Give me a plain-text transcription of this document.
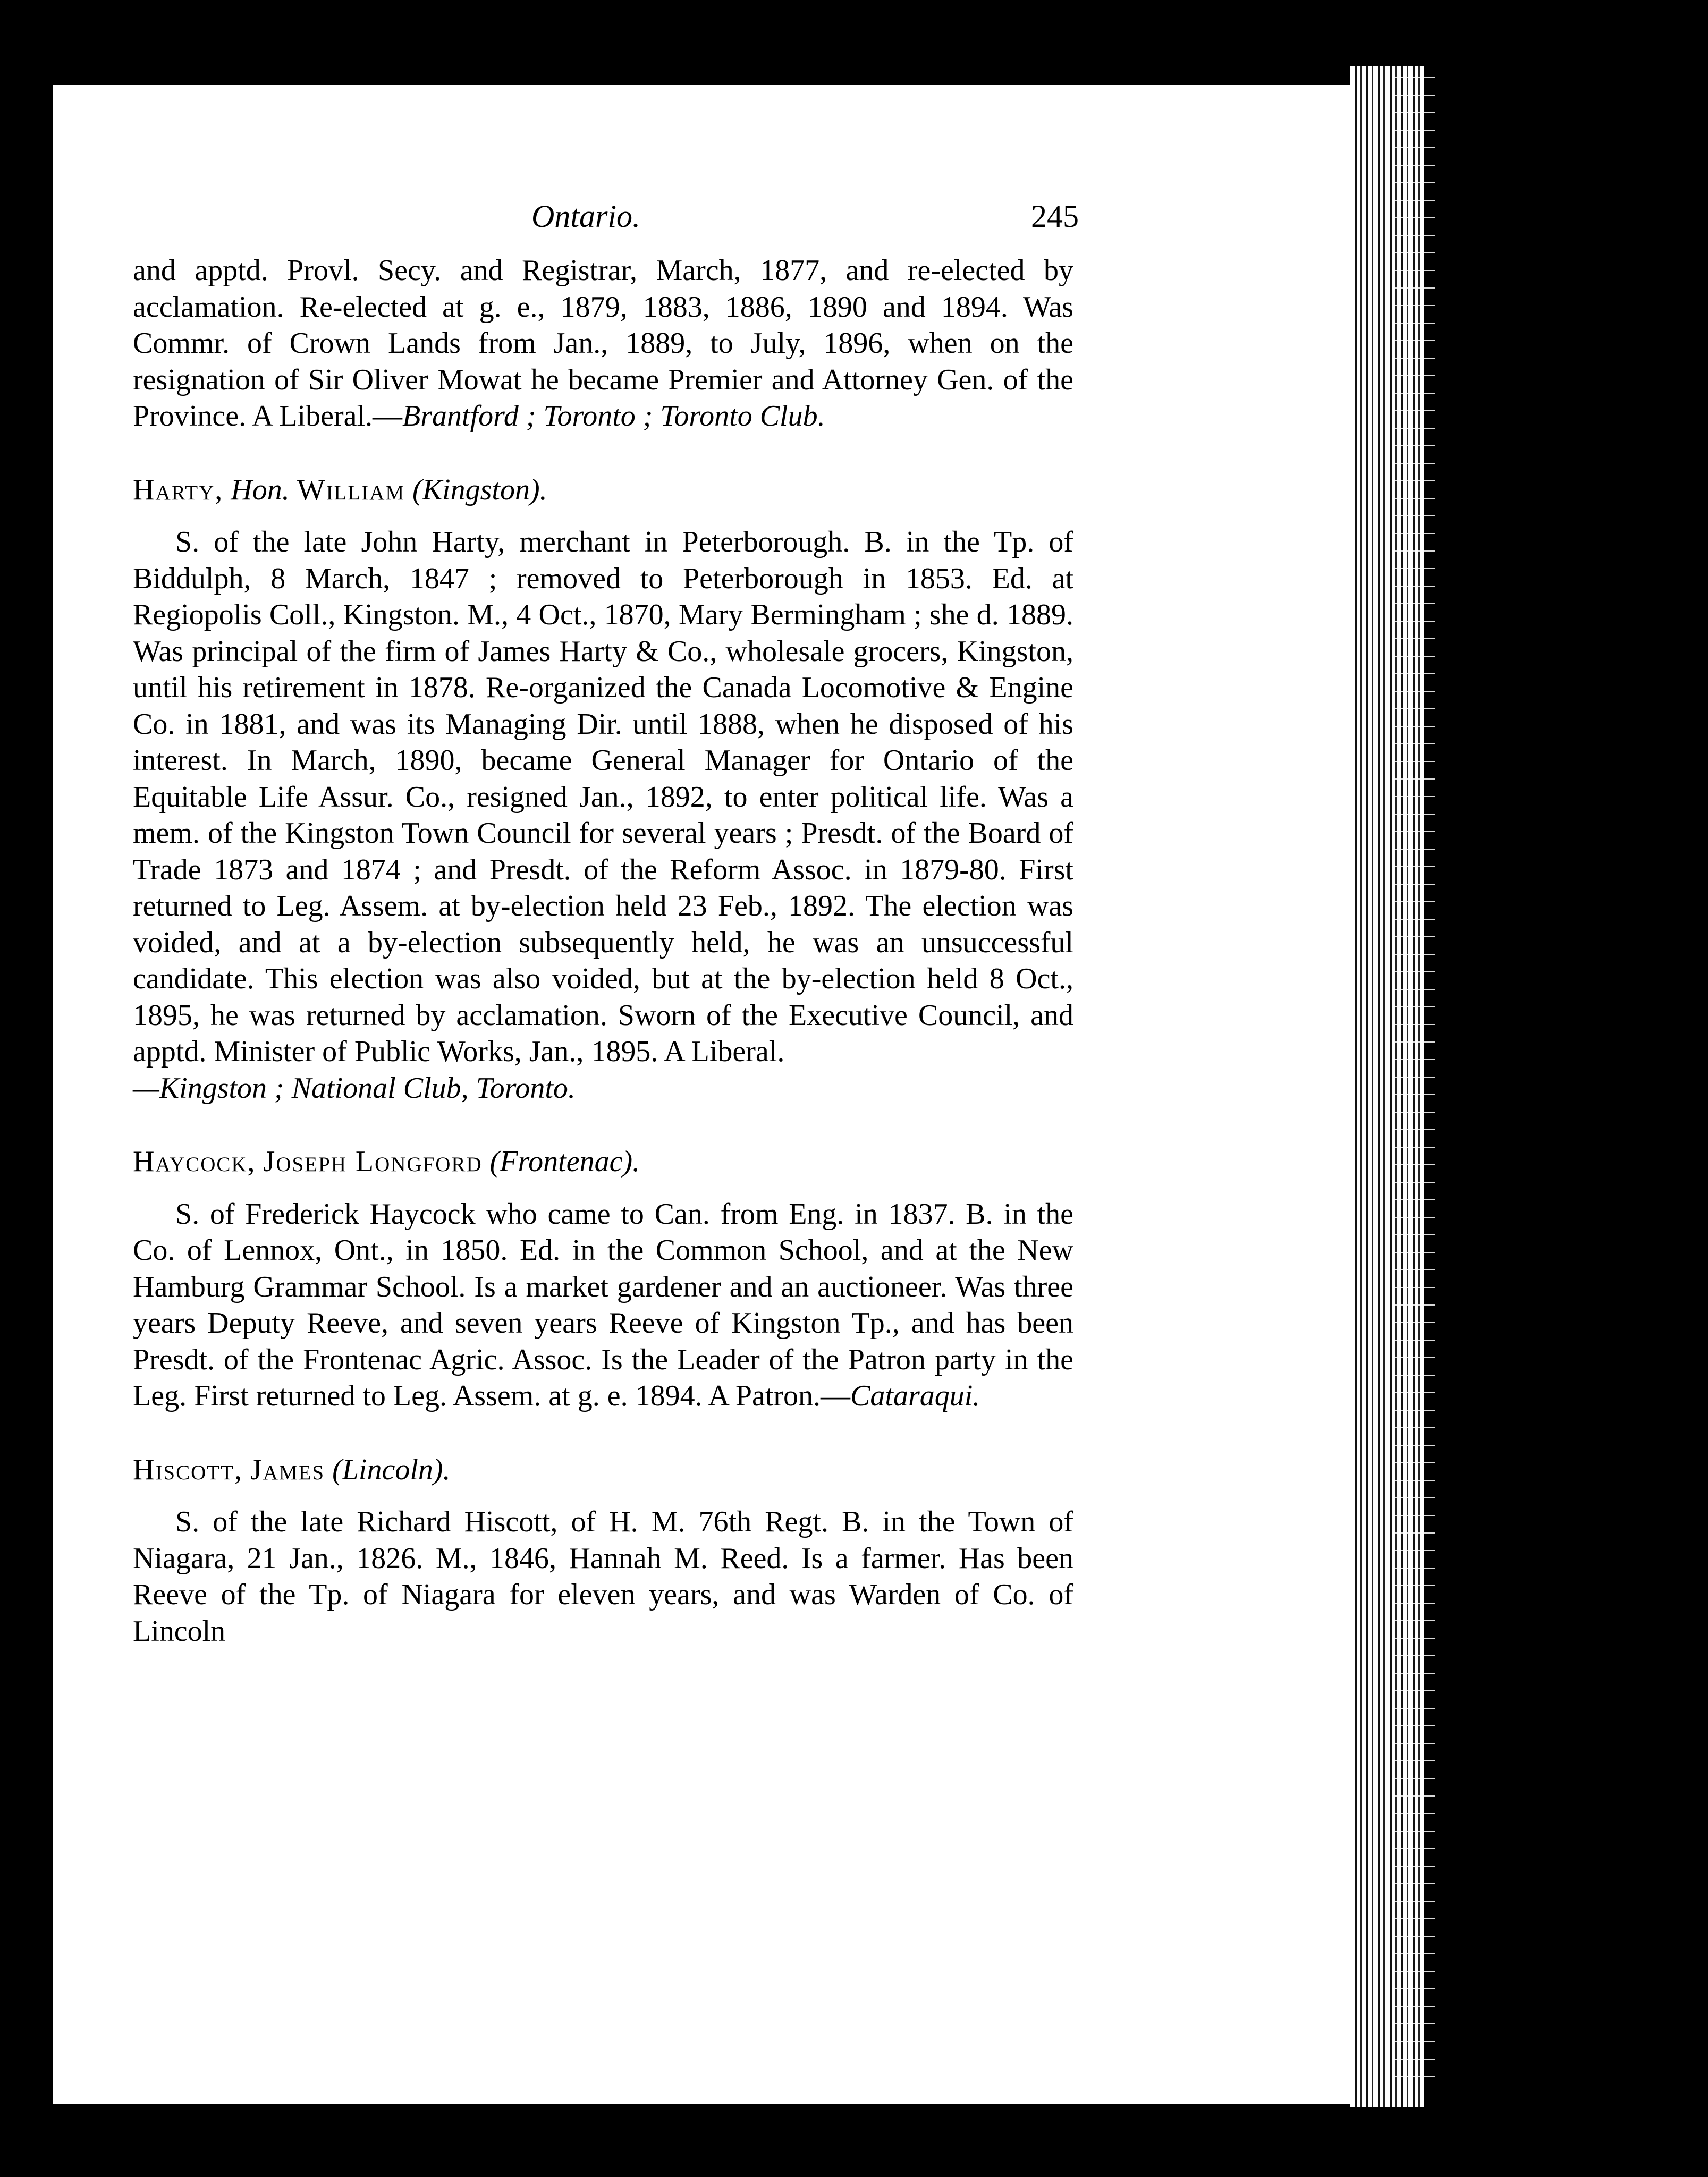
Ontario.	245

and apptd. Provl. Secy. and Registrar, March, 1877, and re-elected by acclamation. Re-elected at g. e., 1879, 1883, 1886, 1890 and 1894. Was Commr. of Crown Lands from Jan., 1889, to July, 1896, when on the resignation of Sir Oliver Mowat he became Premier and Attorney Gen. of the Province. A Liberal.—Brantford ; Toronto ; Toronto Club.

Harty, Hon. William (Kingston).

S. of the late John Harty, merchant in Peterborough. B. in the Tp. of Biddulph, 8 March, 1847 ; removed to Peterborough in 1853. Ed. at Regiopolis Coll., Kingston. M., 4 Oct., 1870, Mary Bermingham ; she d. 1889. Was principal of the firm of James Harty & Co., wholesale grocers, Kingston, until his retirement in 1878. Re-organized the Canada Locomotive & Engine Co. in 1881, and was its Managing Dir. until 1888, when he disposed of his interest. In March, 1890, became General Manager for Ontario of the Equitable Life Assur. Co., resigned Jan., 1892, to enter political life. Was a mem. of the Kingston Town Council for several years ; Presdt. of the Board of Trade 1873 and 1874 ; and Presdt. of the Reform Assoc. in 1879-80. First returned to Leg. Assem. at by-election held 23 Feb., 1892. The election was voided, and at a by-election subsequently held, he was an unsuccessful candidate. This election was also voided, but at the by-election held 8 Oct., 1895, he was returned by acclamation. Sworn of the Executive Council, and apptd. Minister of Public Works, Jan., 1895. A Liberal.
—Kingston ; National Club, Toronto.

Haycock, Joseph Longford (Frontenac).

S. of Frederick Haycock who came to Can. from Eng. in 1837. B. in the Co. of Lennox, Ont., in 1850. Ed. in the Common School, and at the New Hamburg Grammar School. Is a market gardener and an auctioneer. Was three years Deputy Reeve, and seven years Reeve of Kingston Tp., and has been Presdt. of the Frontenac Agric. Assoc. Is the Leader of the Patron party in the Leg. First returned to Leg. Assem. at g. e. 1894. A Patron.—Cataraqui.

Hiscott, James (Lincoln).

S. of the late Richard Hiscott, of H. M. 76th Regt. B. in the Town of Niagara, 21 Jan., 1826. M., 1846, Hannah M. Reed. Is a farmer. Has been Reeve of the Tp. of Niagara for eleven years, and was Warden of Co. of Lincoln
